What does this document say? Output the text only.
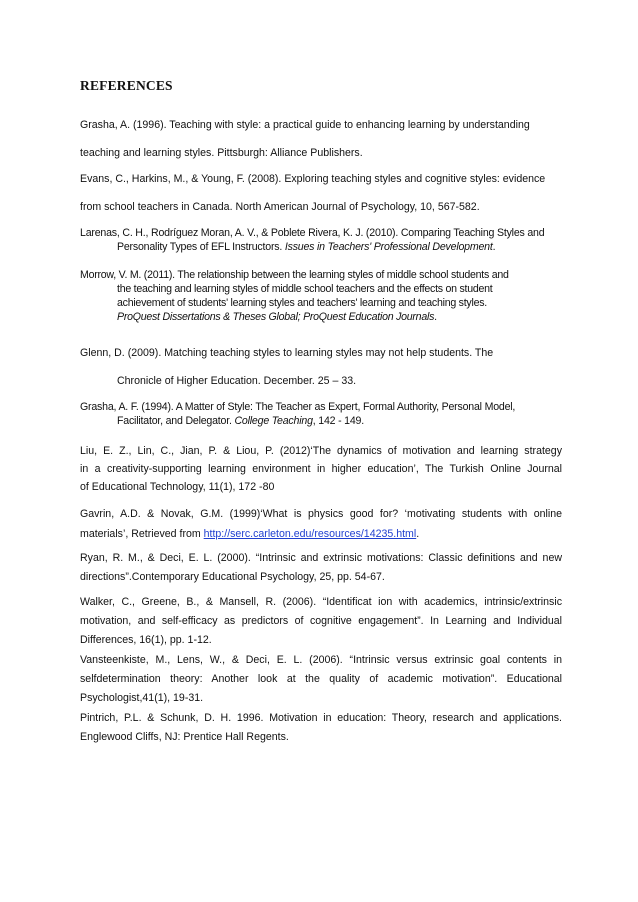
REFERENCES
Grasha, A. (1996). Teaching with style: a practical guide to enhancing learning by understanding
teaching and learning styles. Pittsburgh: Alliance Publishers.
Evans, C., Harkins, M., & Young, F. (2008). Exploring teaching styles and cognitive styles: evidence
from school teachers in Canada. North American Journal of Psychology, 10, 567-582.
Larenas, C. H., Rodríguez Moran, A. V., & Poblete Rivera, K. J. (2010). Comparing Teaching Styles and
Personality Types of EFL Instructors. Issues in Teachers' Professional Development.
Morrow, V. M. (2011). The relationship between the learning styles of middle school students and
the teaching and learning styles of middle school teachers and the effects on student
achievement of students' learning styles and teachers' learning and teaching styles.
ProQuest Dissertations & Theses Global; ProQuest Education Journals.
Glenn, D. (2009). Matching teaching styles to learning styles may not help students. The
Chronicle of Higher Education. December. 25 – 33.
Grasha, A. F. (1994). A Matter of Style: The Teacher as Expert, Formal Authority, Personal Model,
Facilitator, and Delegator. College Teaching, 142 - 149.
Liu, E. Z., Lin, C., Jian, P. & Liou, P. (2012)‘The dynamics of motivation and learning strategy
in a creativity-supporting learning environment in higher education’, The Turkish Online Journal
of Educational Technology, 11(1), 172 -80
Gavrin, A.D. & Novak, G.M. (1999)‘What is physics good for? ‘motivating students with online
materials’, Retrieved from http://serc.carleton.edu/resources/14235.html.
Ryan, R. M., & Deci, E. L. (2000). “Intrinsic and extrinsic motivations: Classic definitions and new
directions”.Contemporary Educational Psychology, 25, pp. 54-67.
Walker, C., Greene, B., & Mansell, R. (2006). “Identificat ion with academics, intrinsic/extrinsic
motivation, and self-efficacy as predictors of cognitive engagement”. In Learning and Individual
Differences, 16(1), pp. 1-12.
Vansteenkiste, M., Lens, W., & Deci, E. L. (2006). “Intrinsic versus extrinsic goal contents in
selfdetermination theory: Another look at the quality of academic motivation”. Educational
Psychologist,41(1), 19-31.
Pintrich, P.L. & Schunk, D. H. 1996. Motivation in education: Theory, research and applications.
Englewood Cliffs, NJ: Prentice Hall Regents.
